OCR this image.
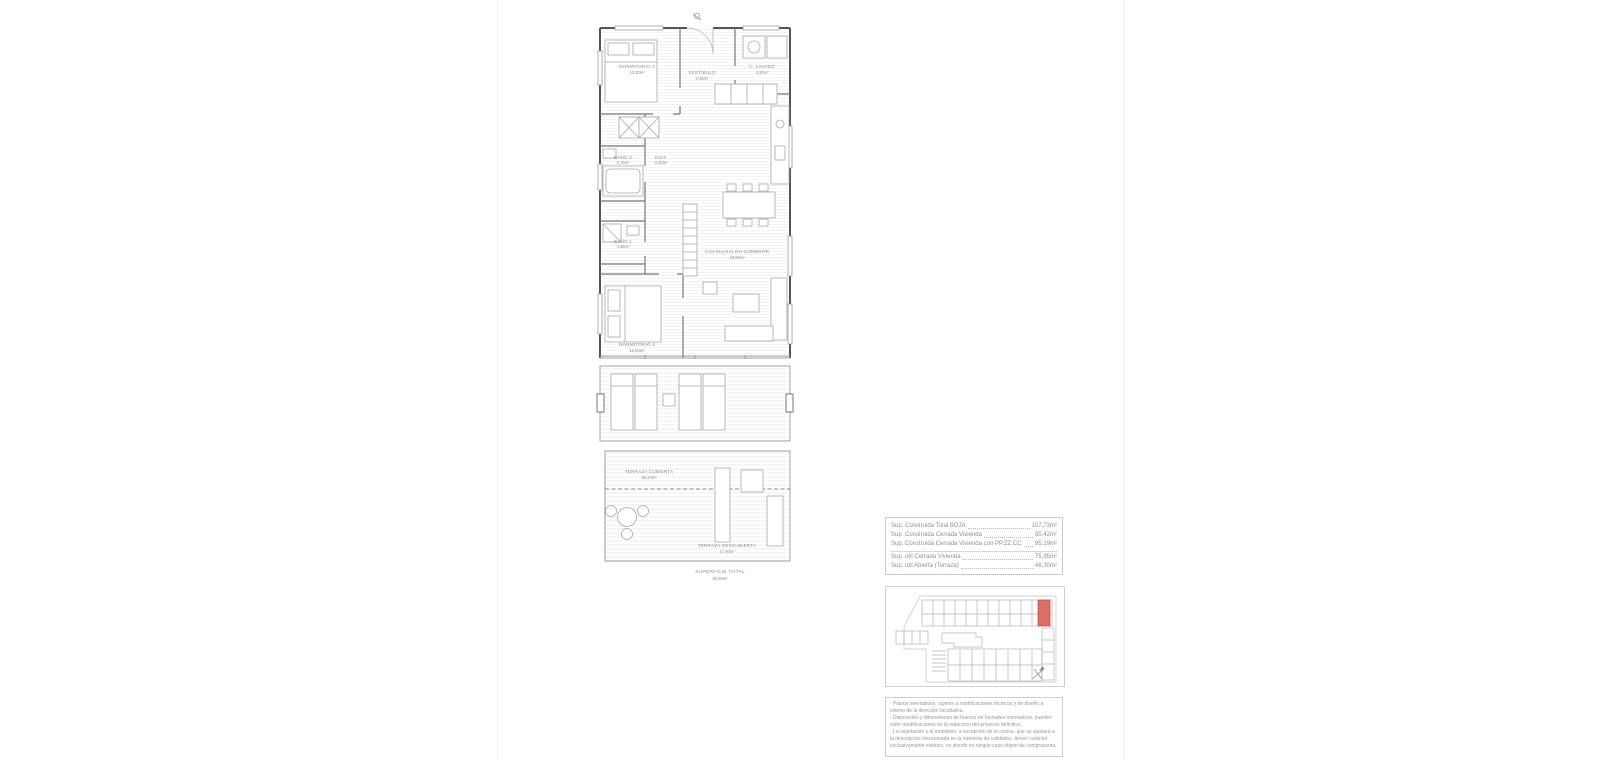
DORMITORIO 2
10,20m²	VESTÍBULO
3,45m²
C. LAVADO
4,20m²
BAÑO 2
3,75m²
DIST.
3,30m²
BAÑO 1
4,05m²
COCINA/SALÓN-COMEDOR
29,95m²
DORMITORIO 1
12,50m²
TERRAZA CUBIERTA
28,40m²
TERRAZA DESCUBIERTA
17,90m²
SUPERFICIE TOTAL
46,30m²
Sup. Construida Total BOJA	107,73m²
Sup. Construida Cerrada Vivienda	85,42m²
Sup. Construida Cerrada Vivienda con PP.ZZ.CC 95,19m²
Sup. útil Cerrada Vivienda	75,95m²
Sup. útil Abierta (Terraza)	46,30m²

- Planos orientativos, sujetos a modificaciones técnicas y de diseño a criterio de la dirección facultativa.

- Disposición y dimensiones de huecos en fachadas orientativos, pueden sufrir modificaciones en la redacción del proyecto definitivo.

- La vegetación y el mobiliario, a excepción de la cocina, que se ajustará a la descripción mencionada en la memoria de calidades, tienen carácter exclusivamente estético, no siendo en ningún caso objeto de compraventa.
